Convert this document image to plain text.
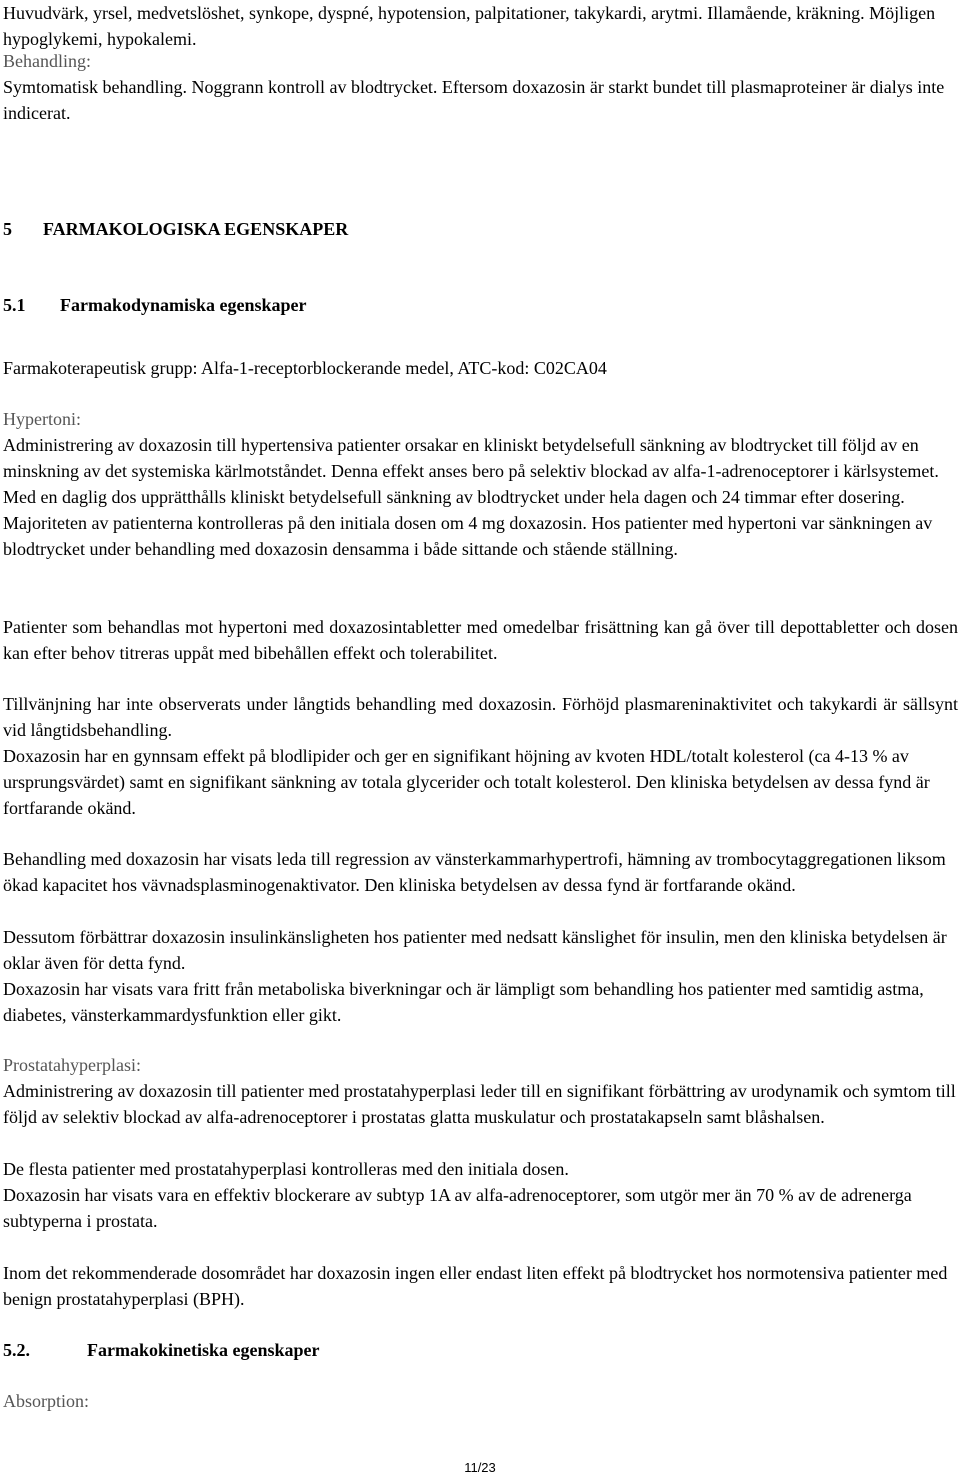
Huvudvärk, yrsel, medvetslöshet, synkope, dyspné, hypotension, palpitationer, takykardi, arytmi. Illamående, kräkning. Möjligen hypoglykemi, hypokalemi.

Behandling:

Symtomatisk behandling. Noggrann kontroll av blodtrycket. Eftersom doxazosin är starkt bundet till plasmaproteiner är dialys inte indicerat.

5 FARMAKOLOGISKA EGENSKAPER
5.1 Farmakodynamiska egenskaper

Farmakoterapeutisk grupp: Alfa-1-receptorblockerande medel, ATC-kod: C02CA04

Hypertoni:

Administrering av doxazosin till hypertensiva patienter orsakar en kliniskt betydelsefull sänkning av blodtrycket till följd av en minskning av det systemiska kärlmotståndet. Denna effekt anses bero på selektiv blockad av alfa-1-adrenoceptorer i kärlsystemet. Med en daglig dos upprätthålls kliniskt betydelsefull sänkning av blodtrycket under hela dagen och 24 timmar efter dosering. Majoriteten av patienterna kontrolleras på den initiala dosen om 4 mg doxazosin. Hos patienter med hypertoni var sänkningen av blodtrycket under behandling med doxazosin densamma i både sittande och stående ställning.

Patienter som behandlas mot hypertoni med doxazosintabletter med omedelbar frisättning kan gå över till depottabletter och dosen kan efter behov titreras uppåt med bibehållen effekt och tolerabilitet.

Tillvänjning har inte observerats under långtids behandling med doxazosin. Förhöjd plasmareninaktivitet och takykardi är sällsynt vid långtidsbehandling.

Doxazosin har en gynnsam effekt på blodlipider och ger en signifikant höjning av kvoten HDL/totalt kolesterol (ca 4-13 % av ursprungsvärdet) samt en signifikant sänkning av totala glycerider och totalt kolesterol. Den kliniska betydelsen av dessa fynd är fortfarande okänd.

Behandling med doxazosin har visats leda till regression av vänsterkammarhypertrofi, hämning av trombocytaggregationen liksom ökad kapacitet hos vävnadsplasminogenaktivator. Den kliniska betydelsen av dessa fynd är fortfarande okänd.

Dessutom förbättrar doxazosin insulinkänsligheten hos patienter med nedsatt känslighet för insulin, men den kliniska betydelsen är oklar även för detta fynd.

Doxazosin har visats vara fritt från metaboliska biverkningar och är lämpligt som behandling hos patienter med samtidig astma, diabetes, vänsterkammardysfunktion eller gikt.

Prostatahyperplasi:

Administrering av doxazosin till patienter med prostatahyperplasi leder till en signifikant förbättring av urodynamik och symtom till följd av selektiv blockad av alfa-adrenoceptorer i prostatas glatta muskulatur och prostatakapseln samt blåshalsen.

De flesta patienter med prostatahyperplasi kontrolleras med den initiala dosen.

Doxazosin har visats vara en effektiv blockerare av subtyp 1A av alfa-adrenoceptorer, som utgör mer än 70 % av de adrenerga subtyperna i prostata.

Inom det rekommenderade dosområdet har doxazosin ingen eller endast liten effekt på blodtrycket hos normotensiva patienter med benign prostatahyperplasi (BPH).

5.2.	Farmakokinetiska egenskaper

Absorption:

11/23
